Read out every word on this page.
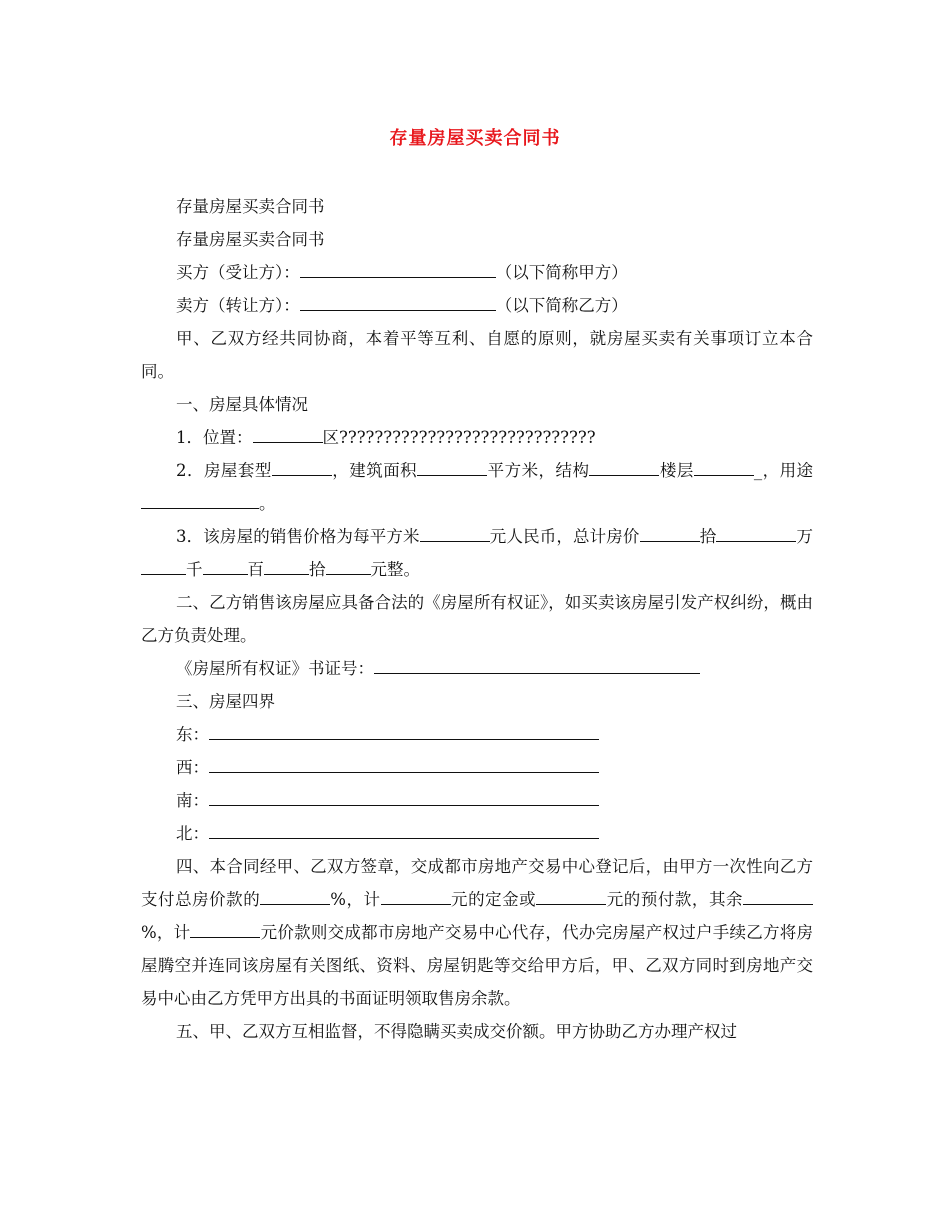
存量房屋买卖合同书

存量房屋买卖合同书

存量房屋买卖合同书

买方（受让方）：	（以下简称甲方）

卖方（转让方）：	（以下简称乙方）

甲、乙双方经共同协商，本着平等互利、自愿的原则，就房屋买卖有关事项订立本合同。

一、房屋具体情况

1．位置：	区?????????????????????????????

2．房屋套型	，建筑面积	平方米，结构	楼层	_，用途。

3．该房屋的销售价格为每平方米	元人民币，总计房价	拾	万千	百	拾	元整。

二、乙方销售该房屋应具备合法的《房屋所有权证》，如买卖该房屋引发产权纠纷，概由乙方负责处理。

《房屋所有权证》书证号：

三、房屋四界

东：

西：

南：

北：

四、本合同经甲、乙双方签章，交成都市房地产交易中心登记后，由甲方一次性向乙方支付总房价款的	%，计	元的定金或	元的预付款，其余%，计	元价款则交成都市房地产交易中心代存，代办完房屋产权过户手续乙方将房屋腾空并连同该房屋有关图纸、资料、房屋钥匙等交给甲方后，甲、乙双方同时到房地产交易中心由乙方凭甲方出具的书面证明领取售房余款。

五、甲、乙双方互相监督，不得隐瞒买卖成交价额。甲方协助乙方办理产权过
